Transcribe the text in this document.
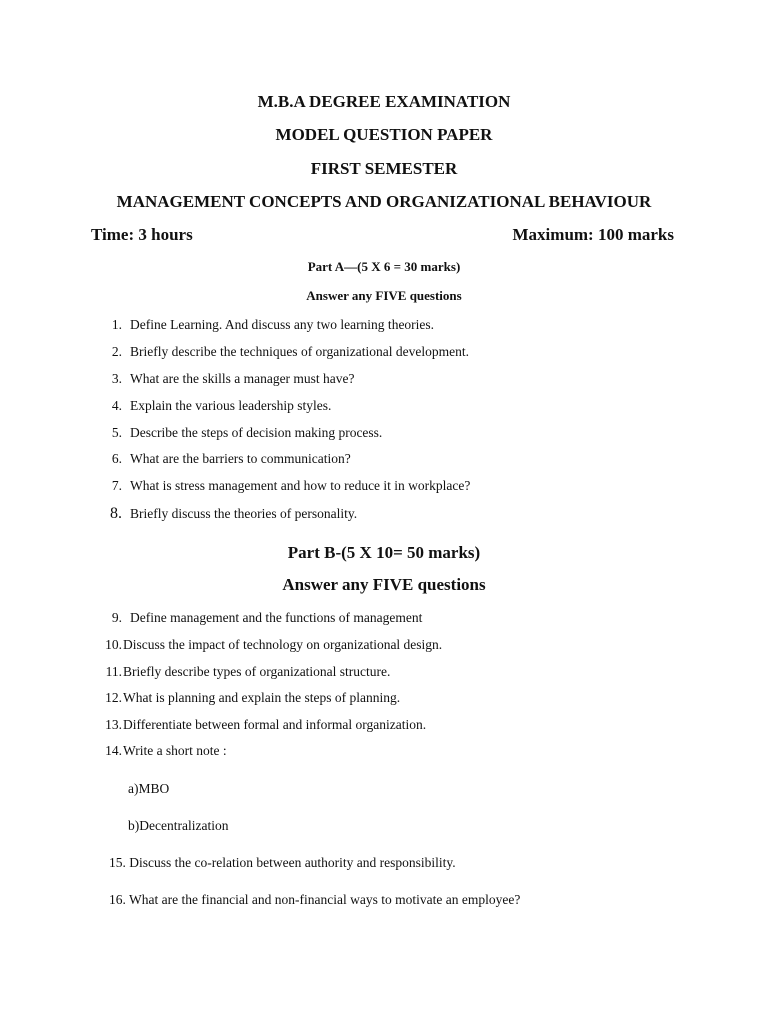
M.B.A DEGREE EXAMINATION
MODEL QUESTION PAPER
FIRST SEMESTER
MANAGEMENT CONCEPTS AND ORGANIZATIONAL BEHAVIOUR
Time: 3 hours	Maximum: 100 marks
Part A—(5 X 6 = 30 marks)
Answer any FIVE questions
1. Define Learning. And discuss any two learning theories.
2. Briefly describe the techniques of organizational development.
3. What are the skills a manager must have?
4. Explain the various leadership styles.
5. Describe the steps of decision making process.
6. What are the barriers to communication?
7. What is stress management and how to reduce it in workplace?
8. Briefly discuss the theories of personality.
Part B-(5 X 10= 50 marks)
Answer any FIVE questions
9. Define management and the functions of management
10.Discuss the impact of technology on organizational design.
11.Briefly describe types of organizational structure.
12.What is planning and explain the steps of planning.
13.Differentiate between formal and informal organization.
14.Write a short note :
a)MBO
b)Decentralization
15. Discuss the co-relation between authority and responsibility.
16. What are the financial and non-financial ways to motivate an employee?
